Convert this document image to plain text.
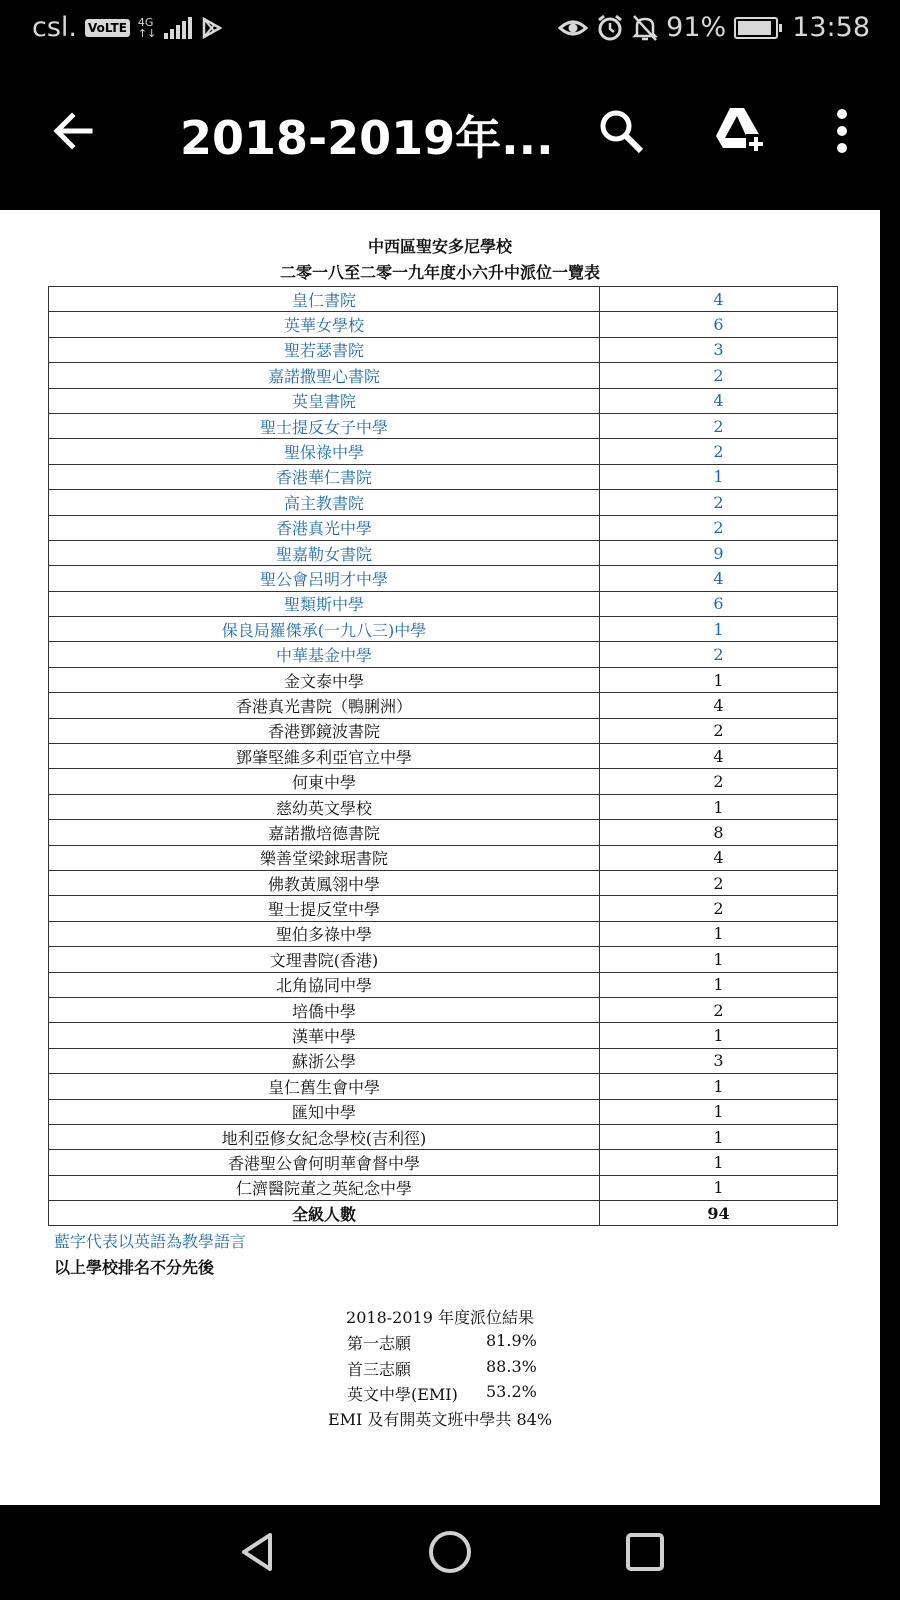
csl. VoLTE 4G
↑↓	91% 13:58
2018-2019年...
中西區聖安多尼學校
二零一八至二零一九年度小六升中派位一覽表
皇仁書院	4
英華女學校	6
聖若瑟書院	3
嘉諾撒聖心書院	2
英皇書院	4
聖士提反女子中學	2
聖保祿中學	2
香港華仁書院	1
高主教書院	2
香港真光中學	2
聖嘉勒女書院	9
聖公會呂明才中學	4
聖類斯中學	6
保良局羅傑承(一九八三)中學	1
中華基金中學	2
金文泰中學	1
香港真光書院（鴨脷洲）	4
香港鄧鏡波書院	2
鄧肇堅維多利亞官立中學	4
何東中學	2
慈幼英文學校	1
嘉諾撒培德書院	8
樂善堂梁銶琚書院	4
佛教黃鳳翎中學	2
聖士提反堂中學	2
聖伯多祿中學	1
文理書院(香港)	1
北角協同中學	1
培僑中學	2
漢華中學	1
蘇浙公學	3
皇仁舊生會中學	1
匯知中學	1
地利亞修女紀念學校(吉利徑)	1
香港聖公會何明華會督中學	1
仁濟醫院董之英紀念中學	1
全級人數	94
藍字代表以英語為教學語言
以上學校排名不分先後
2018-2019 年度派位結果
第一志願	81.9%
首三志願	88.3%
英文中學(EMI) 53.2%
EMI 及有開英文班中學共 84%
